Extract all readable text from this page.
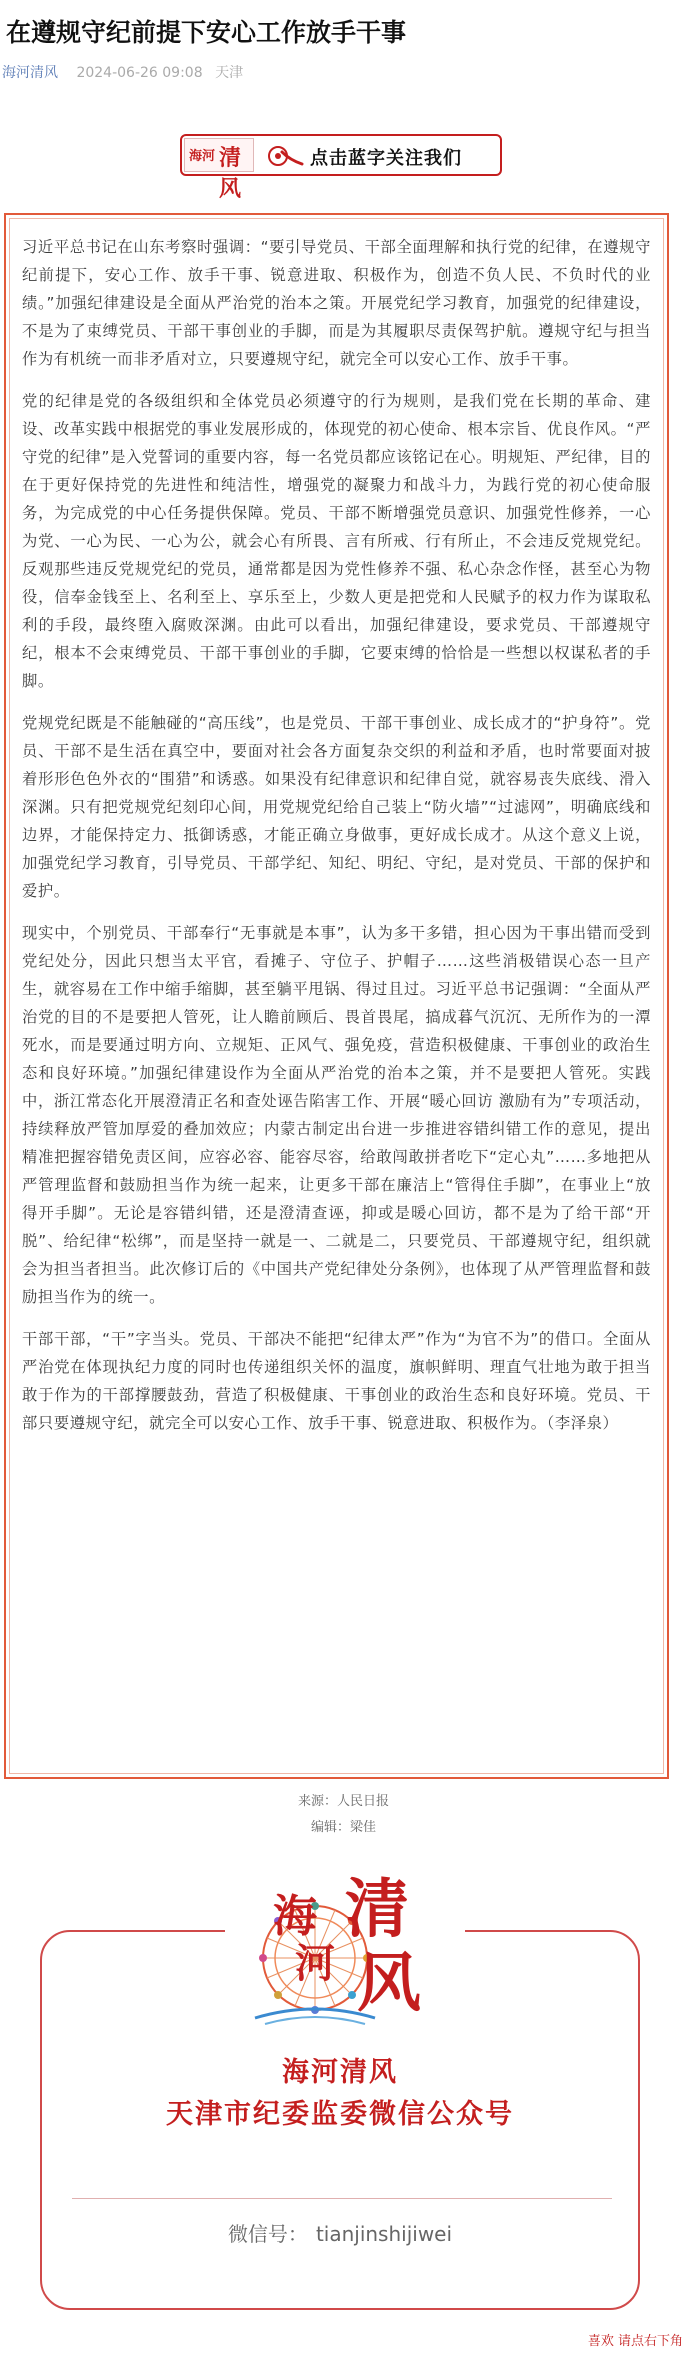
在遵规守纪前提下安心工作放手干事
海河清风 2024-06-26 09:08 天津
海河 清风
点击蓝字关注我们

习近平总书记在山东考察时强调：“要引导党员、干部全面理解和执行党的纪律，在遵规守纪前提下，安心工作、放手干事、锐意进取、积极作为，创造不负人民、不负时代的业绩。”加强纪律建设是全面从严治党的治本之策。开展党纪学习教育，加强党的纪律建设，不是为了束缚党员、干部干事创业的手脚，而是为其履职尽责保驾护航。遵规守纪与担当作为有机统一而非矛盾对立，只要遵规守纪，就完全可以安心工作、放手干事。

党的纪律是党的各级组织和全体党员必须遵守的行为规则，是我们党在长期的革命、建设、改革实践中根据党的事业发展形成的，体现党的初心使命、根本宗旨、优良作风。“严守党的纪律”是入党誓词的重要内容，每一名党员都应该铭记在心。明规矩、严纪律，目的在于更好保持党的先进性和纯洁性，增强党的凝聚力和战斗力，为践行党的初心使命服务，为完成党的中心任务提供保障。党员、干部不断增强党员意识、加强党性修养，一心为党、一心为民、一心为公，就会心有所畏、言有所戒、行有所止，不会违反党规党纪。反观那些违反党规党纪的党员，通常都是因为党性修养不强、私心杂念作怪，甚至心为物役，信奉金钱至上、名利至上、享乐至上，少数人更是把党和人民赋予的权力作为谋取私利的手段，最终堕入腐败深渊。由此可以看出，加强纪律建设，要求党员、干部遵规守纪，根本不会束缚党员、干部干事创业的手脚，它要束缚的恰恰是一些想以权谋私者的手脚。

党规党纪既是不能触碰的“高压线”，也是党员、干部干事创业、成长成才的“护身符”。党员、干部不是生活在真空中，要面对社会各方面复杂交织的利益和矛盾，也时常要面对披着形形色色外衣的“围猎”和诱惑。如果没有纪律意识和纪律自觉，就容易丧失底线、滑入深渊。只有把党规党纪刻印心间，用党规党纪给自己装上“防火墙”“过滤网”，明确底线和边界，才能保持定力、抵御诱惑，才能正确立身做事，更好成长成才。从这个意义上说，加强党纪学习教育，引导党员、干部学纪、知纪、明纪、守纪，是对党员、干部的保护和爱护。

现实中，个别党员、干部奉行“无事就是本事”，认为多干多错，担心因为干事出错而受到党纪处分，因此只想当太平官，看摊子、守位子、护帽子……这些消极错误心态一旦产生，就容易在工作中缩手缩脚，甚至躺平甩锅、得过且过。习近平总书记强调：“全面从严治党的目的不是要把人管死，让人瞻前顾后、畏首畏尾，搞成暮气沉沉、无所作为的一潭死水，而是要通过明方向、立规矩、正风气、强免疫，营造积极健康、干事创业的政治生态和良好环境。”加强纪律建设作为全面从严治党的治本之策，并不是要把人管死。实践中，浙江常态化开展澄清正名和查处诬告陷害工作、开展“暖心回访 激励有为”专项活动，持续释放严管加厚爱的叠加效应；内蒙古制定出台进一步推进容错纠错工作的意见，提出精准把握容错免责区间，应容必容、能容尽容，给敢闯敢拼者吃下“定心丸”……多地把从严管理监督和鼓励担当作为统一起来，让更多干部在廉洁上“管得住手脚”，在事业上“放得开手脚”。无论是容错纠错，还是澄清查诬，抑或是暖心回访，都不是为了给干部“开脱”、给纪律“松绑”，而是坚持一就是一、二就是二，只要党员、干部遵规守纪，组织就会为担当者担当。此次修订后的《中国共产党纪律处分条例》，也体现了从严管理监督和鼓励担当作为的统一。

干部干部，“干”字当头。党员、干部决不能把“纪律太严”作为“为官不为”的借口。全面从严治党在体现执纪力度的同时也传递组织关怀的温度，旗帜鲜明、理直气壮地为敢于担当敢于作为的干部撑腰鼓劲，营造了积极健康、干事创业的政治生态和良好环境。党员、干部只要遵规守纪，就完全可以安心工作、放手干事、锐意进取、积极作为。（李泽泉）

来源：人民日报
编辑：梁佳
海 清
河 风
海河清风
天津市纪委监委微信公众号
微信号： tianjinshijiwei
喜欢 请点右下角
